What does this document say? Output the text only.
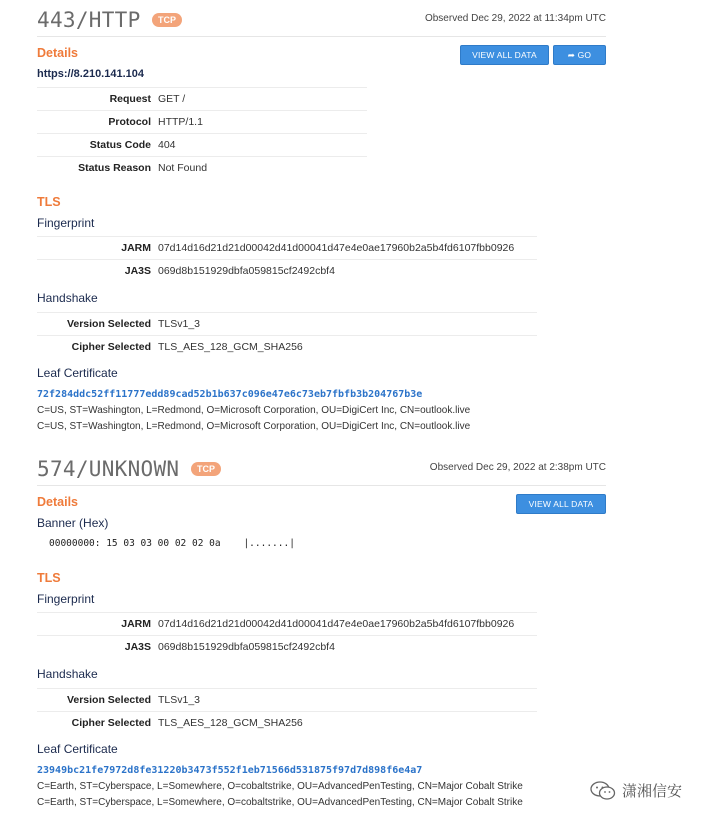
443/HTTP	TCP	Observed Dec 29, 2022 at 11:34pm UTC
Details	VIEW ALL DATA	➦ GO
https://8.210.141.104
Request GET /
Protocol HTTP/1.1
Status Code 404
Status Reason Not Found
TLS
Fingerprint
JARM 07d14d16d21d21d00042d41d00041d47e4e0ae17960b2a5b4fd6107fbb0926
JA3S 069d8b151929dbfa059815cf2492cbf4
Handshake
Version Selected TLSv1_3
Cipher Selected TLS_AES_128_GCM_SHA256
Leaf Certificate
72f284ddc52ff11777edd89cad52b1b637c096e47e6c73eb7fbfb3b204767b3e
C=US, ST=Washington, L=Redmond, O=Microsoft Corporation, OU=DigiCert Inc, CN=outlook.live
C=US, ST=Washington, L=Redmond, O=Microsoft Corporation, OU=DigiCert Inc, CN=outlook.live
574/UNKNOWN	TCP	Observed Dec 29, 2022 at 2:38pm UTC
Details	VIEW ALL DATA
Banner (Hex)
00000000: 15 03 03 00 02 02 0a    |.......|
TLS
Fingerprint
JARM 07d14d16d21d21d00042d41d00041d47e4e0ae17960b2a5b4fd6107fbb0926
JA3S 069d8b151929dbfa059815cf2492cbf4
Handshake
Version Selected TLSv1_3
Cipher Selected TLS_AES_128_GCM_SHA256
Leaf Certificate
23949bc21fe7972d8fe31220b3473f552f1eb71566d531875f97d7d898f6e4a7
C=Earth, ST=Cyberspace, L=Somewhere, O=cobaltstrike, OU=AdvancedPenTesting, CN=Major Cobalt Strike
C=Earth, ST=Cyberspace, L=Somewhere, O=cobaltstrike, OU=AdvancedPenTesting, CN=Major Cobalt Strike
潇湘信安
